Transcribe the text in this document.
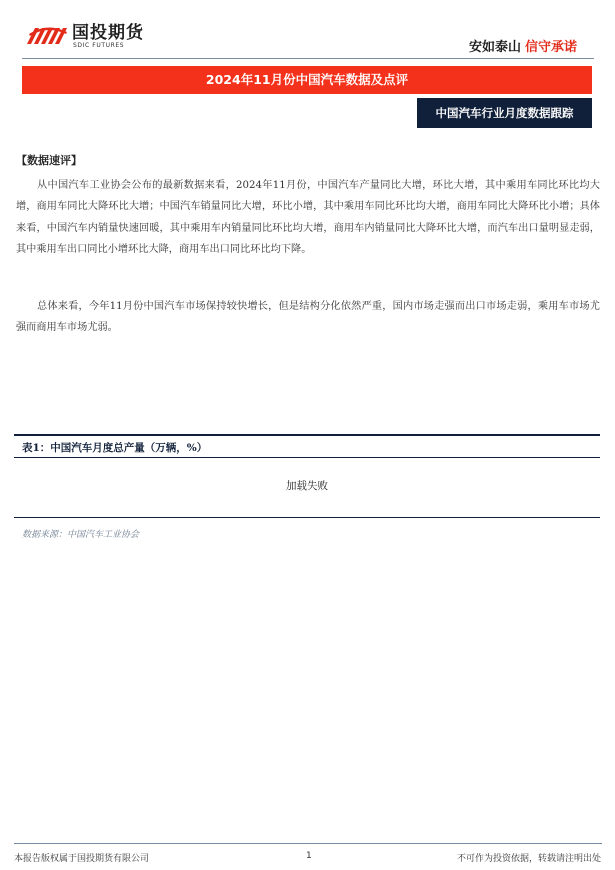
国投期货
SDIC FUTURES	安如泰山 信守承诺
2024年11月份中国汽车数据及点评
中国汽车行业月度数据跟踪
【数据速评】

从中国汽车工业协会公布的最新数据来看，2024年11月份，中国汽车产量同比大增，环比大增，其中乘用车同比环比均大增，商用车同比大降环比大增；中国汽车销量同比大增，环比小增，其中乘用车同比环比均大增，商用车同比大降环比小增；具体来看，中国汽车内销量快速回暖，其中乘用车内销量同比环比均大增，商用车内销量同比大降环比大增，而汽车出口量明显走弱，其中乘用车出口同比小增环比大降，商用车出口同比环比均下降。

总体来看，今年11月份中国汽车市场保持较快增长，但是结构分化依然严重，国内市场走强而出口市场走弱，乘用车市场尤强而商用车市场尤弱。

表1：中国汽车月度总产量（万辆，%）
加载失败
数据来源：中国汽车工业协会
本报告版权属于国投期货有限公司	1	不可作为投资依据，转载请注明出处
